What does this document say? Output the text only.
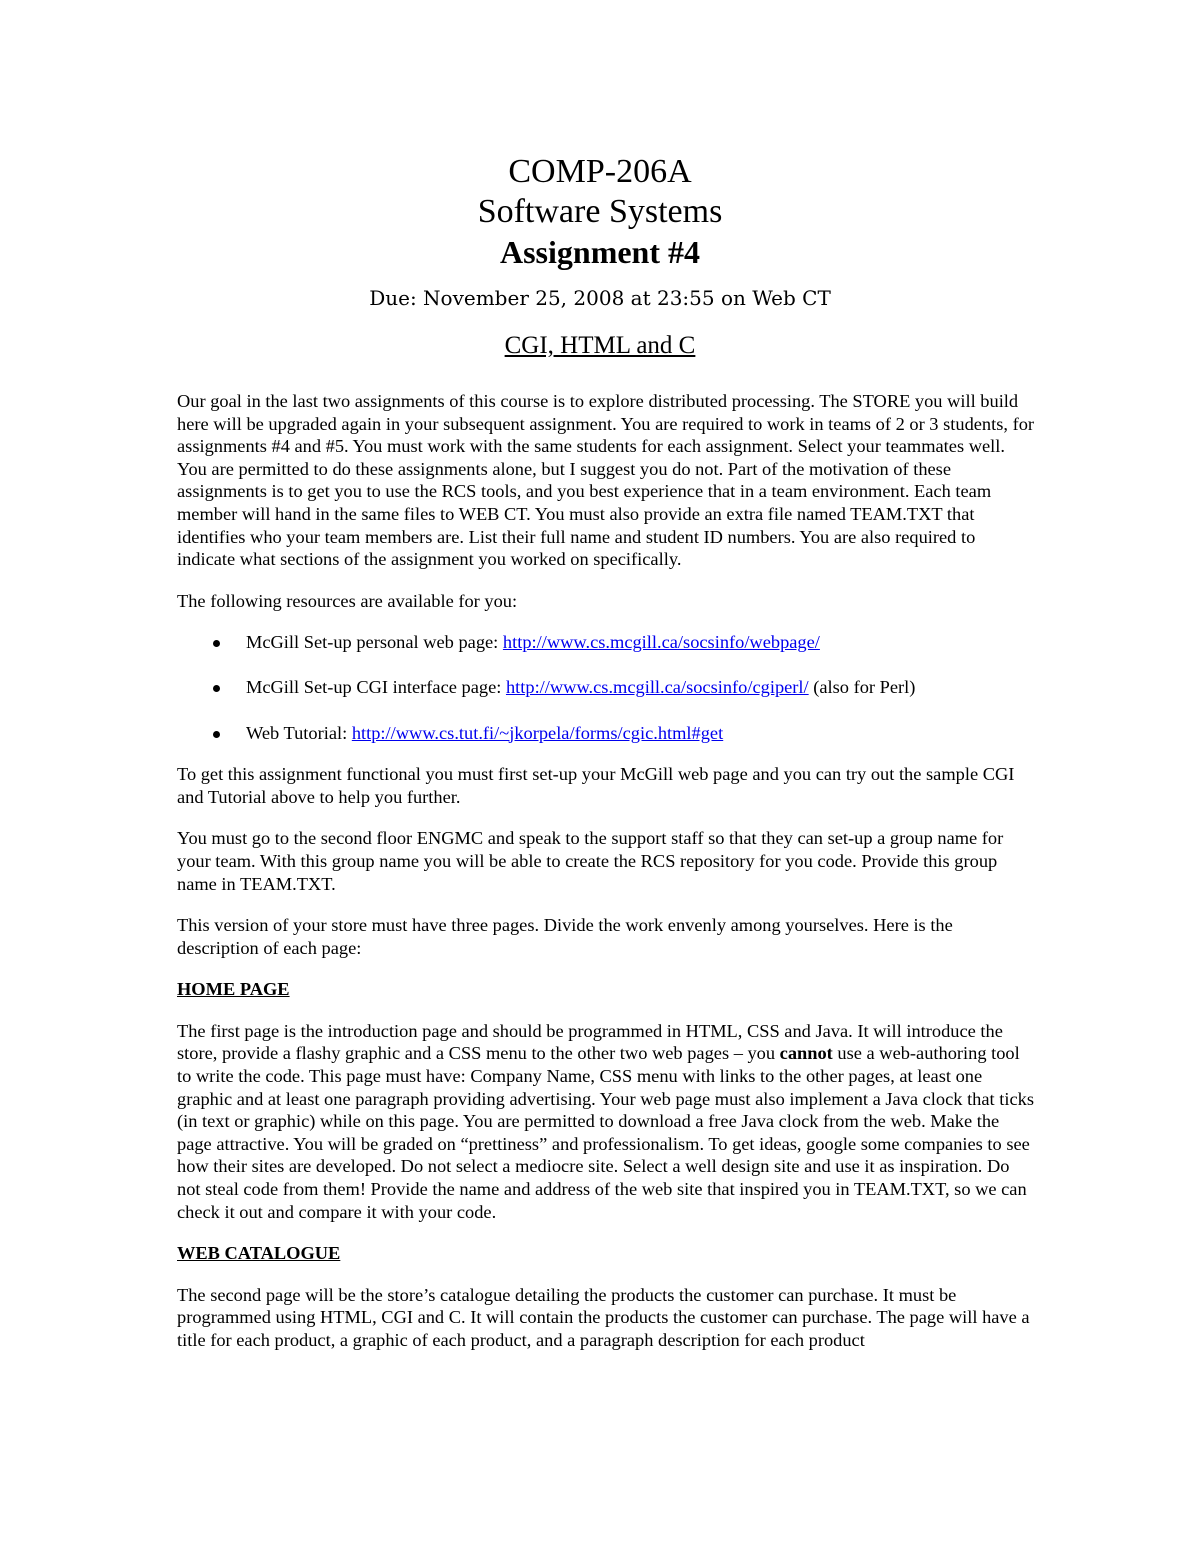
COMP-206A
Software Systems
Assignment #4
Due: November 25, 2008 at 23:55 on Web CT
CGI, HTML and C

Our goal in the last two assignments of this course is to explore distributed processing. The STORE you will build here will be upgraded again in your subsequent assignment. You are required to work in teams of 2 or 3 students, for assignments #4 and #5. You must work with the same students for each assignment. Select your teammates well. You are permitted to do these assignments alone, but I suggest you do not. Part of the motivation of these assignments is to get you to use the RCS tools, and you best experience that in a team environment. Each team member will hand in the same files to WEB CT. You must also provide an extra file named TEAM.TXT that identifies who your team members are. List their full name and student ID numbers. You are also required to indicate what sections of the assignment you worked on specifically.

The following resources are available for you:

McGill Set-up personal web page: http://www.cs.mcgill.ca/socsinfo/webpage/
McGill Set-up CGI interface page: http://www.cs.mcgill.ca/socsinfo/cgiperl/ (also for Perl)
Web Tutorial: http://www.cs.tut.fi/~jkorpela/forms/cgic.html#get

To get this assignment functional you must first set-up your McGill web page and you can try out the sample CGI and Tutorial above to help you further.

You must go to the second floor ENGMC and speak to the support staff so that they can set-up a group name for your team. With this group name you will be able to create the RCS repository for you code. Provide this group name in TEAM.TXT.

This version of your store must have three pages. Divide the work envenly among yourselves. Here is the description of each page:

HOME PAGE

The first page is the introduction page and should be programmed in HTML, CSS and Java. It will introduce the store, provide a flashy graphic and a CSS menu to the other two web pages – you cannot use a web-authoring tool to write the code. This page must have: Company Name, CSS menu with links to the other pages, at least one graphic and at least one paragraph providing advertising. Your web page must also implement a Java clock that ticks (in text or graphic) while on this page. You are permitted to download a free Java clock from the web. Make the page attractive. You will be graded on “prettiness” and professionalism. To get ideas, google some companies to see how their sites are developed. Do not select a mediocre site. Select a well design site and use it as inspiration. Do not steal code from them! Provide the name and address of the web site that inspired you in TEAM.TXT, so we can check it out and compare it with your code.

WEB CATALOGUE

The second page will be the store’s catalogue detailing the products the customer can purchase. It must be programmed using HTML, CGI and C. It will contain the products the customer can purchase. The page will have a title for each product, a graphic of each product, and a paragraph description for each product
